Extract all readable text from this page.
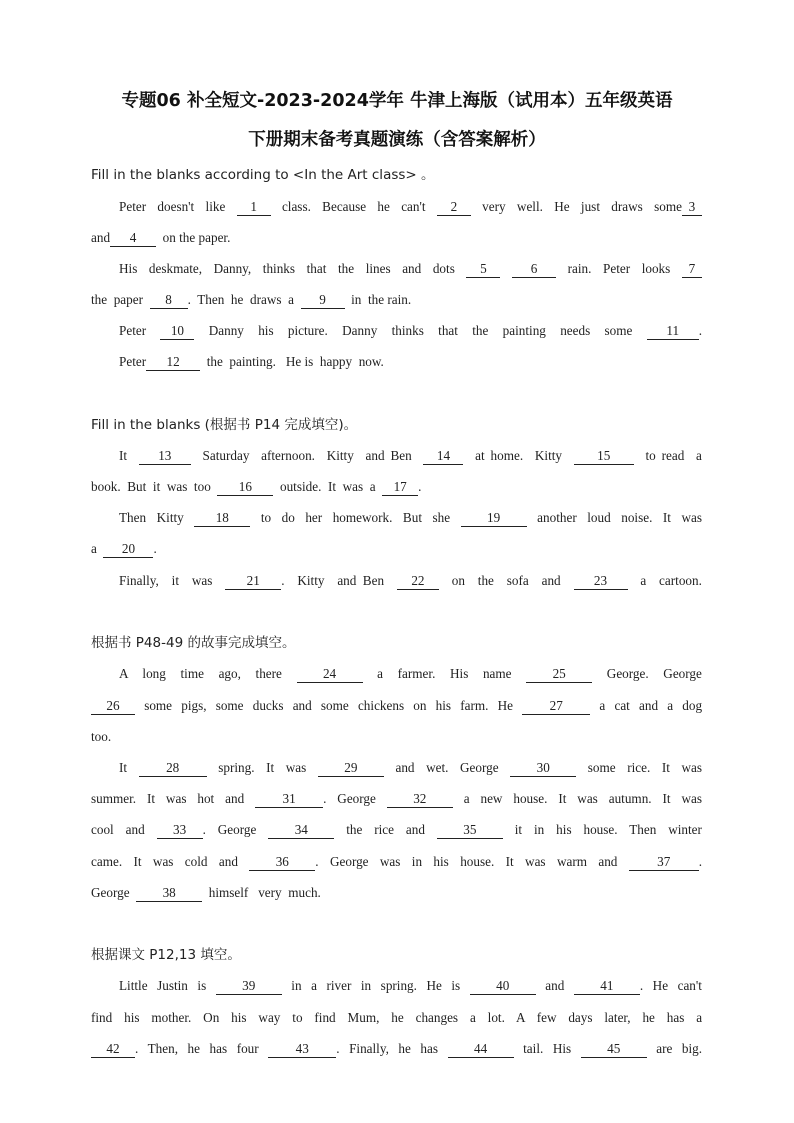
专题06 补全短文-2023-2024学年 牛津上海版（试用本）五年级英语
下册期末备考真题演练（含答案解析）
Fill in the blanks according to <In the Art class> 。
Peter  doesn't  like  1  class.  Because  he  can't  2  very  well.  He  just  draws  some 3
and 4  on the paper.
His  deskmate,  Danny,  thinks  that  the  lines  and  dots  5	6  rain.  Peter  looks  7
the  paper  8 .  Then  he  draws  a  9  in  the rain.
Peter  10  Danny  his  picture.  Danny  thinks  that  the  painting  needs  some  11 .
Peter 12  the  painting.   He is  happy  now.
Fill in the blanks (根据书 P14 完成填空)。
It  13  Saturday  afternoon.  Kitty  and Ben  14  at home.  Kitty  15  to read  a
book.  But  it  was  too  16  outside.  It  was  a  17 .
Then  Kitty  18  to  do  her  homework.  But  she  19  another  loud  noise.  It  was
a  20 .
Finally,  it  was  21 .  Kitty  and Ben  22  on  the  sofa  and  23  a  cartoon.
根据书 P48-49 的故事完成填空。
A  long  time  ago,  there  24  a  farmer.  His  name  25  George.  George
26  some  pigs,  some  ducks  and  some  chickens  on  his  farm.  He  27  a  cat  and  a  dog
too.
It  28  spring.  It  was  29  and  wet.  George  30  some  rice.  It  was
summer.  It  was  hot  and  31 .  George  32  a  new  house.  It  was  autumn.  It  was
cool  and  33 .  George  34  the  rice  and  35  it  in  his  house.  Then  winter
came.  It  was  cold  and  36 .  George  was  in  his  house.  It  was  warm  and  37 .
George  38  himself   very  much.
根据课文 P12,13 填空。
Little  Justin  is  39  in  a  river  in  spring.  He  is  40  and  41 .  He  can't
find  his  mother.  On  his  way  to  find  Mum,  he  changes  a  lot.  A  few  days  later,  he  has  a
42 .  Then,  he  has  four  43 .  Finally,  he  has  44  tail.  His  45  are  big.
